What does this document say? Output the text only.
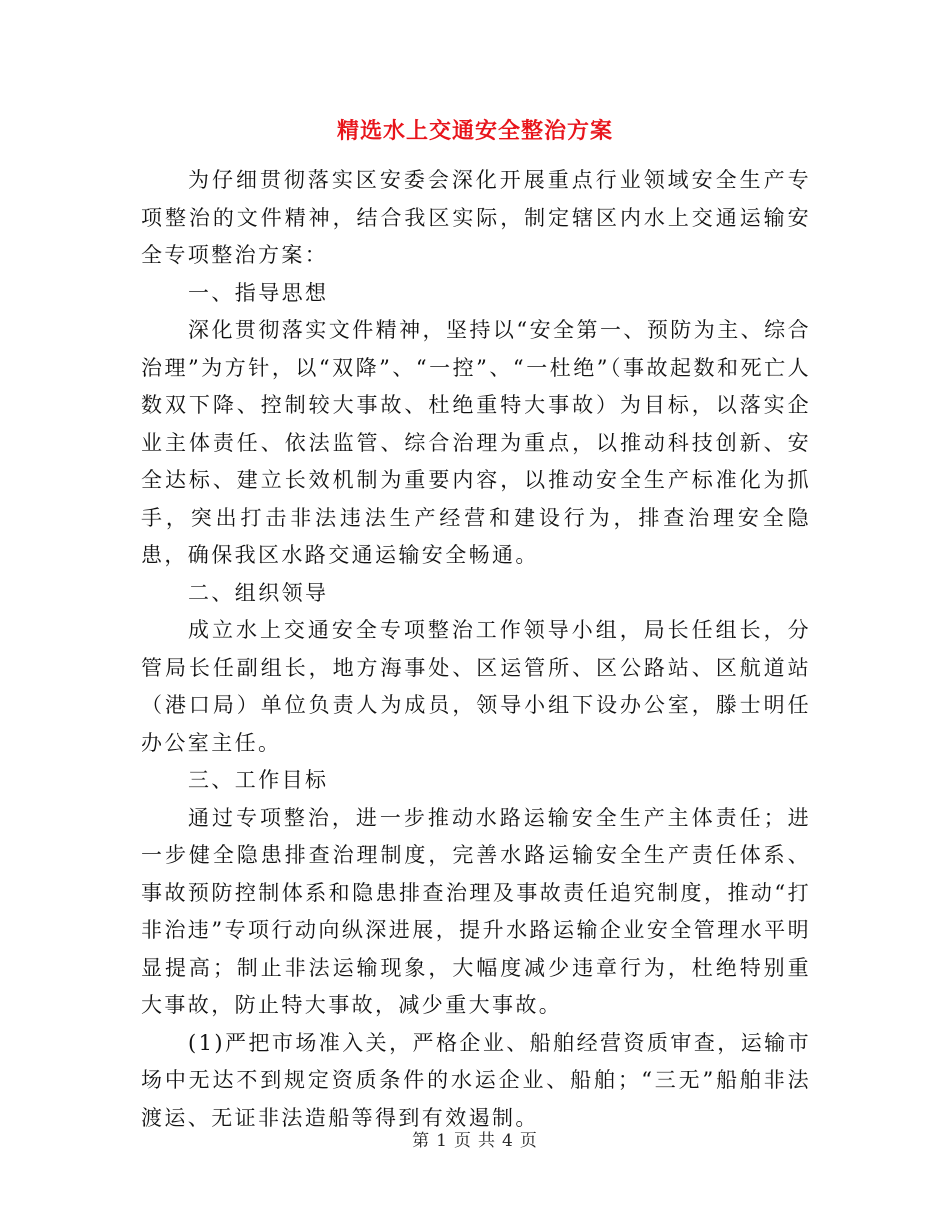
精选水上交通安全整治方案

为仔细贯彻落实区安委会深化开展重点行业领域安全生产专项整治的文件精神，结合我区实际，制定辖区内水上交通运输安全专项整治方案：

一、指导思想

深化贯彻落实文件精神，坚持以“安全第一、预防为主、综合治理”为方针，以“双降”、“一控”、“一杜绝”（事故起数和死亡人数双下降、控制较大事故、杜绝重特大事故）为目标，以落实企业主体责任、依法监管、综合治理为重点，以推动科技创新、安全达标、建立长效机制为重要内容，以推动安全生产标准化为抓手，突出打击非法违法生产经营和建设行为，排查治理安全隐患，确保我区水路交通运输安全畅通。

二、组织领导

成立水上交通安全专项整治工作领导小组，局长任组长，分管局长任副组长，地方海事处、区运管所、区公路站、区航道站（港口局）单位负责人为成员，领导小组下设办公室，滕士明任办公室主任。

三、工作目标

通过专项整治，进一步推动水路运输安全生产主体责任；进一步健全隐患排查治理制度，完善水路运输安全生产责任体系、事故预防控制体系和隐患排查治理及事故责任追究制度，推动“打非治违”专项行动向纵深进展，提升水路运输企业安全管理水平明显提高；制止非法运输现象，大幅度减少违章行为，杜绝特别重大事故，防止特大事故，减少重大事故。

(1)严把市场准入关，严格企业、船舶经营资质审查，运输市场中无达不到规定资质条件的水运企业、船舶；“三无”船舶非法渡运、无证非法造船等得到有效遏制。

第 1 页 共 4 页
